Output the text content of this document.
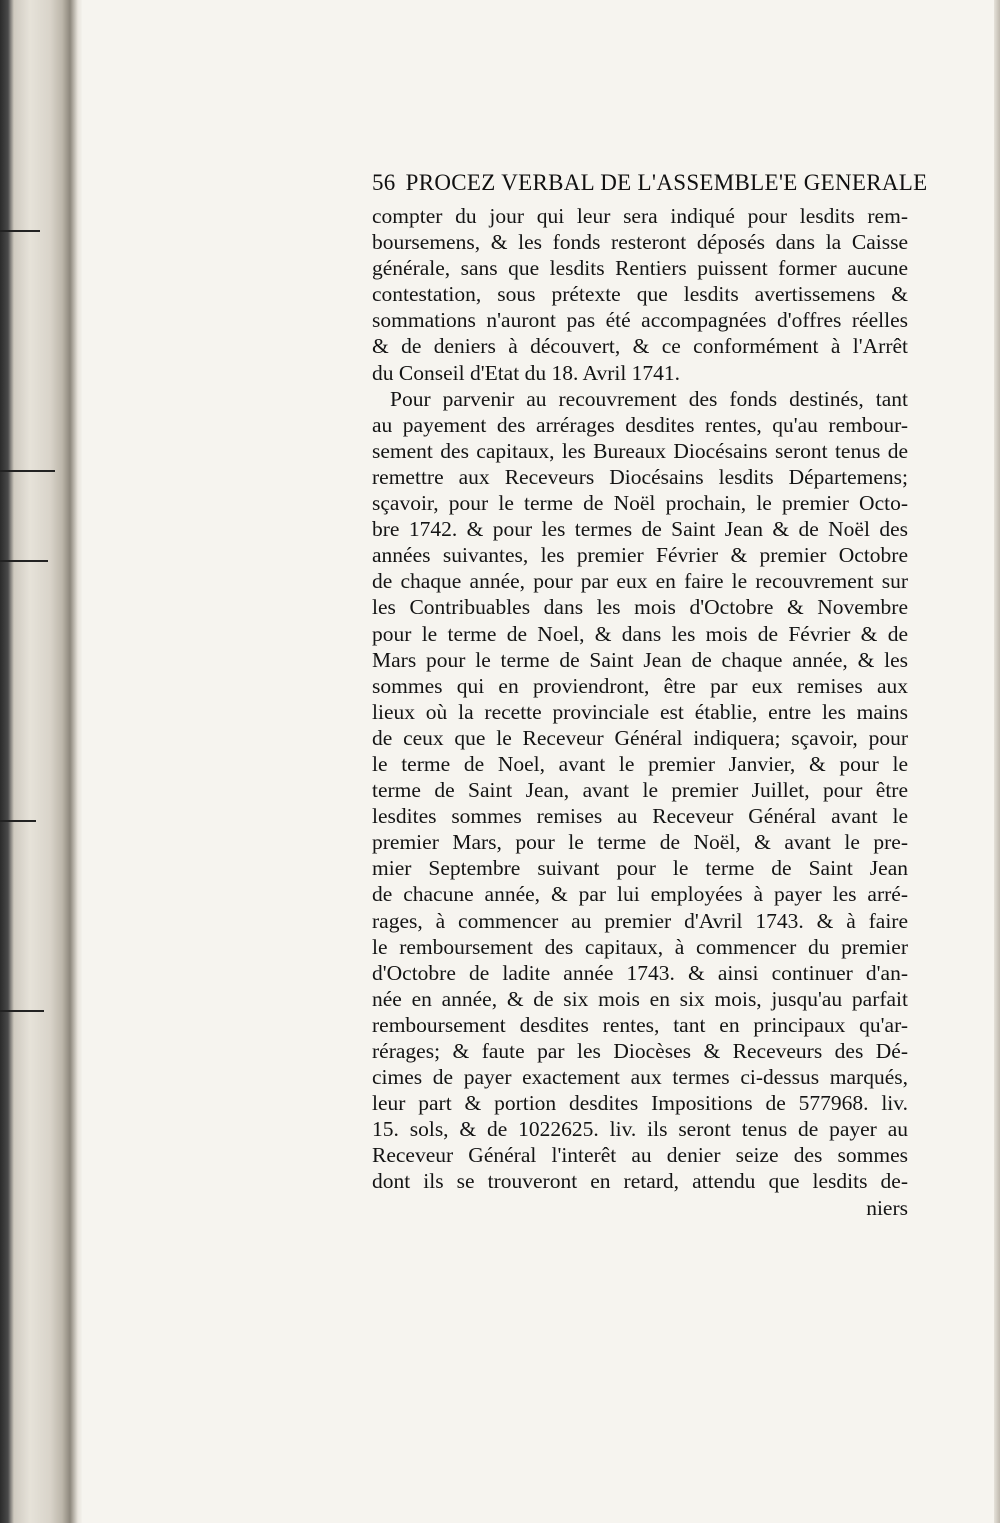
56 PROCEZ VERBAL DE L'ASSEMBLE'E GENERALE
compter du jour qui leur sera indiqué pour lesdits rem-
boursemens, & les fonds resteront déposés dans la Caisse
générale, sans que lesdits Rentiers puissent former aucune
contestation, sous prétexte que lesdits avertissemens &
sommations n'auront pas été accompagnées d'offres réelles
& de deniers à découvert, & ce conformément à l'Arrêt
du Conseil d'Etat du 18. Avril 1741.
Pour parvenir au recouvrement des fonds destinés, tant
au payement des arrérages desdites rentes, qu'au rembour-
sement des capitaux, les Bureaux Diocésains seront tenus de
remettre aux Receveurs Diocésains lesdits Départemens;
sçavoir, pour le terme de Noël prochain, le premier Octo-
bre 1742. & pour les termes de Saint Jean & de Noël des
années suivantes, les premier Février & premier Octobre
de chaque année, pour par eux en faire le recouvrement sur
les Contribuables dans les mois d'Octobre & Novembre
pour le terme de Noel, & dans les mois de Février & de
Mars pour le terme de Saint Jean de chaque année, & les
sommes qui en proviendront, être par eux remises aux
lieux où la recette provinciale est établie, entre les mains
de ceux que le Receveur Général indiquera; sçavoir, pour
le terme de Noel, avant le premier Janvier, & pour le
terme de Saint Jean, avant le premier Juillet, pour être
lesdites sommes remises au Receveur Général avant le
premier Mars, pour le terme de Noël, & avant le pre-
mier Septembre suivant pour le terme de Saint Jean
de chacune année, & par lui employées à payer les arré-
rages, à commencer au premier d'Avril 1743. & à faire
le remboursement des capitaux, à commencer du premier
d'Octobre de ladite année 1743. & ainsi continuer d'an-
née en année, & de six mois en six mois, jusqu'au parfait
remboursement desdites rentes, tant en principaux qu'ar-
rérages; & faute par les Diocèses & Receveurs des Dé-
cimes de payer exactement aux termes ci-dessus marqués,
leur part & portion desdites Impositions de 577968. liv.
15. sols, & de 1022625. liv. ils seront tenus de payer au
Receveur Général l'interêt au denier seize des sommes
dont ils se trouveront en retard, attendu que lesdits de-
niers
